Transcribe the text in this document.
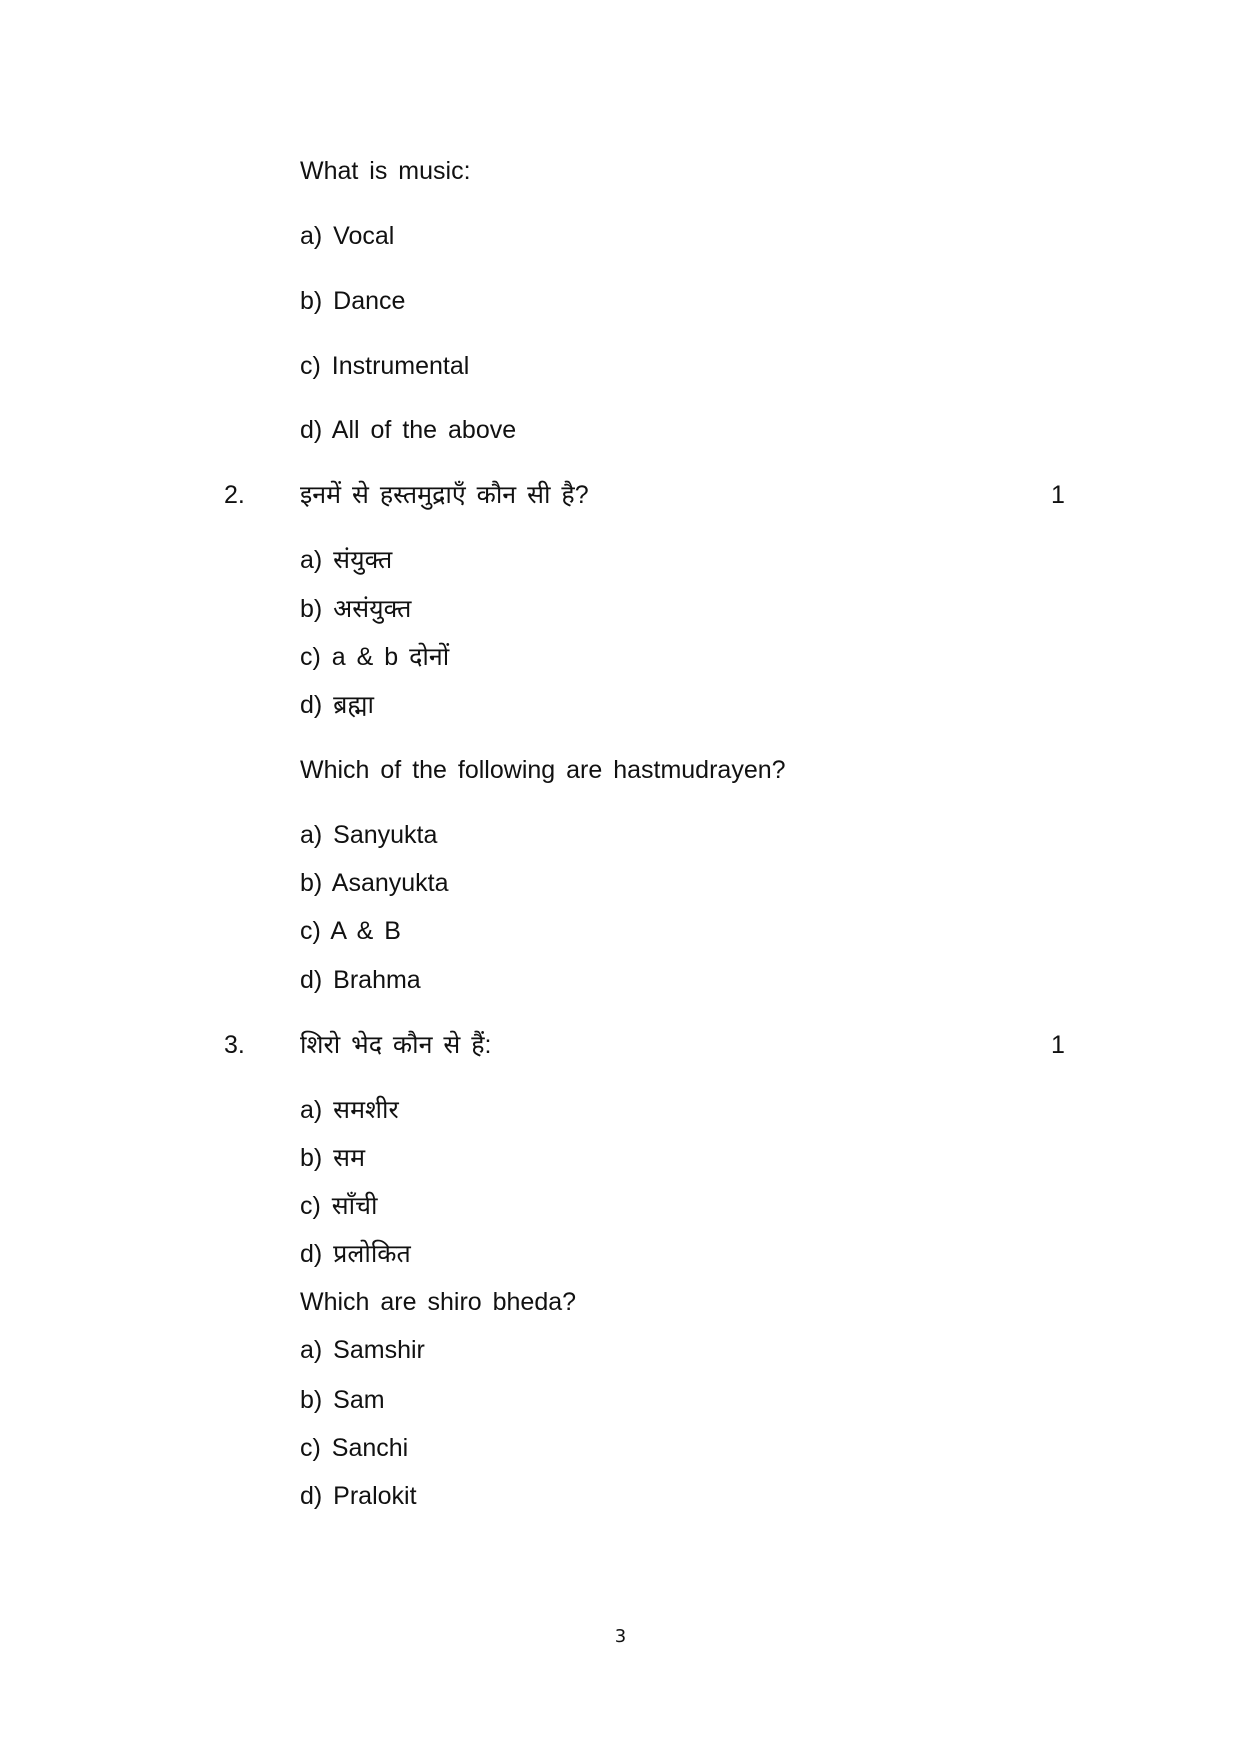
What is music:
a) Vocal
b) Dance
c) Instrumental
d) All of the above
2. इनमें से हस्तमुद्राएँ कौन सी है?	1
a) संयुक्त
b) असंयुक्त
c) a & b दोनों
d) ब्रह्मा
Which of the following are hastmudrayen?
a) Sanyukta
b) Asanyukta
c) A & B
d) Brahma
3. शिरो भेद कौन से हैं:	1
a) समशीर
b) सम
c) साँची
d) प्रलोकित
Which are shiro bheda?
a) Samshir
b) Sam
c) Sanchi
d) Pralokit
3
